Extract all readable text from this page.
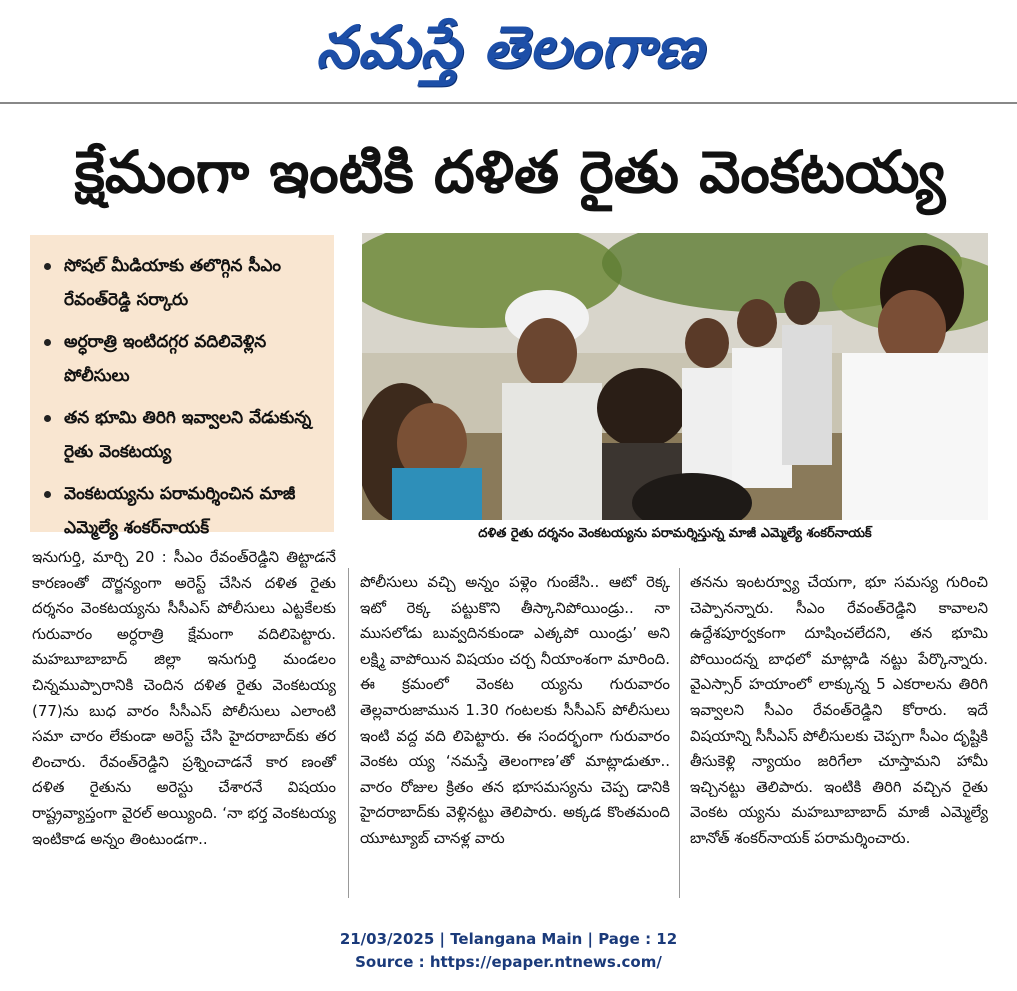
నమస్తే తెలంగాణ
క్షేమంగా ఇంటికి దళిత రైతు వెంకటయ్య
సోషల్ మీడియాకు తలొగ్గిన సీఎం రేవంత్‌రెడ్డి సర్కారు
అర్ధరాత్రి ఇంటిదగ్గర వదిలివెళ్లిన పోలీసులు
తన భూమి తిరిగి ఇవ్వాలని వేడుకున్న రైతు వెంకటయ్య
వెంకటయ్యను పరామర్శించిన మాజీ ఎమ్మెల్యే శంకర్‌నాయక్	దళిత రైతు దర్శనం వెంకటయ్యను పరామర్శిస్తున్న మాజీ ఎమ్మెల్యే శంకర్‌నాయక్
ఇనుగుర్తి, మార్చి 20 : సీఎం రేవంత్‌రెడ్డిని తిట్టాడనే కారణంతో దౌర్జన్యంగా అరెస్ట్ చేసిన దళిత రైతు దర్శనం వెంకటయ్యను సీసీఎస్ పోలీసులు ఎట్టకేలకు గురువారం అర్ధరాత్రి క్షేమంగా వదిలిపెట్టారు. మహబూబాబాద్ జిల్లా ఇనుగుర్తి మండలం చిన్నముప్పారానికి చెందిన దళిత రైతు వెంకటయ్య (77)ను బుధ వారం సీసీఎస్ పోలీసులు ఎలాంటి సమా చారం లేకుండా అరెస్ట్ చేసి హైదరాబాద్‌కు తర లించారు. రేవంత్‌రెడ్డిని ప్రశ్నించాడనే కార ణంతో దళిత రైతును అరెస్టు చేశారనే విషయం రాష్ట్రవ్యాప్తంగా వైరల్ అయ్యింది. ‘నా భర్త వెంకటయ్య ఇంటికాడ అన్నం తింటుండగా..
పోలీసులు వచ్చి అన్నం పళ్లెం గుంజేసి.. ఆటో రెక్క ఇటో రెక్క పట్టుకొని తీస్కానిపోయిండ్రు.. నా ముసలోడు బువ్వదినకుండా ఎత్కపో యిండ్రు’ అని లక్ష్మి వాపోయిన విషయం చర్చ నీయాంశంగా మారింది. ఈ క్రమంలో వెంకట య్యను గురువారం తెల్లవారుజామున 1.30 గంటలకు సీసీఎస్ పోలీసులు ఇంటి వద్ద వది లిపెట్టారు. ఈ సందర్భంగా గురువారం వెంకట య్య ‘నమస్తే తెలంగాణ’తో మాట్లాడుతూ.. వారం రోజుల క్రితం తన భూసమస్యను చెప్ప డానికి హైదరాబాద్‌కు వెళ్లినట్టు తెలిపారు. అక్కడ కొంతమంది యూట్యూబ్ చానళ్ల వారు
తనను ఇంటర్వ్యూ చేయగా, భూ సమస్య గురించి చెప్పానన్నారు. సీఎం రేవంత్‌రెడ్డిని కావాలని ఉద్దేశపూర్వకంగా దూషించలేదని, తన భూమి పోయిందన్న బాధలో మాట్లాడి నట్టు పేర్కొన్నారు. వైఎస్సార్ హయాంలో లాక్కున్న 5 ఎకరాలను తిరిగి ఇవ్వాలని సీఎం రేవంత్‌రెడ్డిని కోరారు. ఇదే విషయాన్ని సీసీఎస్ పోలీసులకు చెప్పగా సీఎం దృష్టికి తీసుకెళ్లి న్యాయం జరిగేలా చూస్తామని హామీ ఇచ్చినట్టు తెలిపారు. ఇంటికి తిరిగి వచ్చిన రైతు వెంకట య్యను మహబూబాబాద్ మాజీ ఎమ్మెల్యే బానోత్ శంకర్‌నాయక్ పరామర్శించారు.
21/03/2025 | Telangana Main | Page : 12
Source : https://epaper.ntnews.com/
